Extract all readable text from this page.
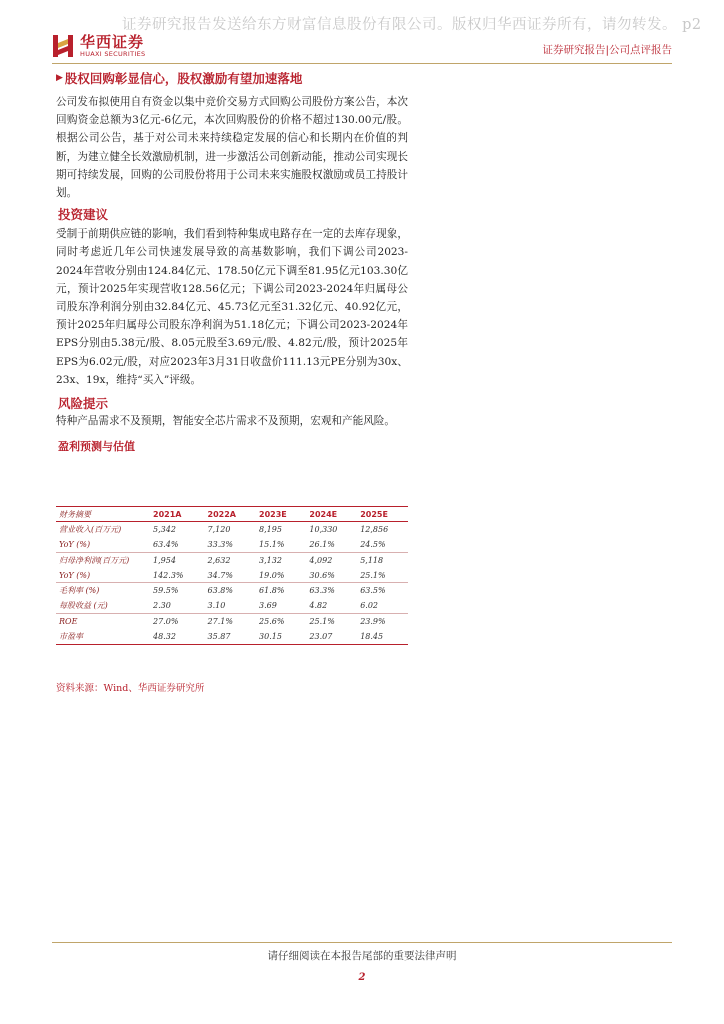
证券研究报告发送给东方财富信息股份有限公司。版权归华西证券所有，请勿转发。 p2
华西证券
HUAXI SECURITIES	证券研究报告|公司点评报告
▶ 股权回购彰显信心，股权激励有望加速落地

公司发布拟使用自有资金以集中竞价交易方式回购公司股份方案公告，本次回购资金总额为3亿元-6亿元，本次回购股份的价格不超过130.00元/股。根据公司公告，基于对公司未来持续稳定发展的信心和长期内在价值的判断，为建立健全长效激励机制，进一步激活公司创新动能，推动公司实现长期可持续发展，回购的公司股份将用于公司未来实施股权激励或员工持股计划。

投资建议

受制于前期供应链的影响，我们看到特种集成电路存在一定的去库存现象，同时考虑近几年公司快速发展导致的高基数影响，我们下调公司2023-2024年营收分别由124.84亿元、178.50亿元下调至81.95亿元103.30亿元，预计2025年实现营收128.56亿元；下调公司2023-2024年归属母公司股东净利润分别由32.84亿元、45.73亿元至31.32亿元、40.92亿元，预计2025年归属母公司股东净利润为51.18亿元；下调公司2023-2024年EPS分别由5.38元/股、8.05元股至3.69元/股、4.82元/股，预计2025年EPS为6.02元/股，对应2023年3月31日收盘价111.13元PE分别为30x、23x、19x，维持“买入”评级。

风险提示

特种产品需求不及预期，智能安全芯片需求不及预期，宏观和产能风险。

盈利预测与估值
财务摘要	2021A	2022A	2023E	2024E	2025E
营业收入(百万元)	5,342	7,120	8,195	10,330	12,856
YoY (%)	63.4%	33.3%	15.1%	26.1%	24.5%
归母净利润(百万元)	1,954	2,632	3,132	4,092	5,118
YoY (%)	142.3%	34.7%	19.0%	30.6%	25.1%
毛利率 (%)	59.5%	63.8%	61.8%	63.3%	63.5%
每股收益 (元)	2.30	3.10	3.69	4.82	6.02
ROE	27.0%	27.1%	25.6%	25.1%	23.9%
市盈率	48.32	35.87	30.15	23.07	18.45
资料来源：Wind、华西证券研究所
请仔细阅读在本报告尾部的重要法律声明
2
